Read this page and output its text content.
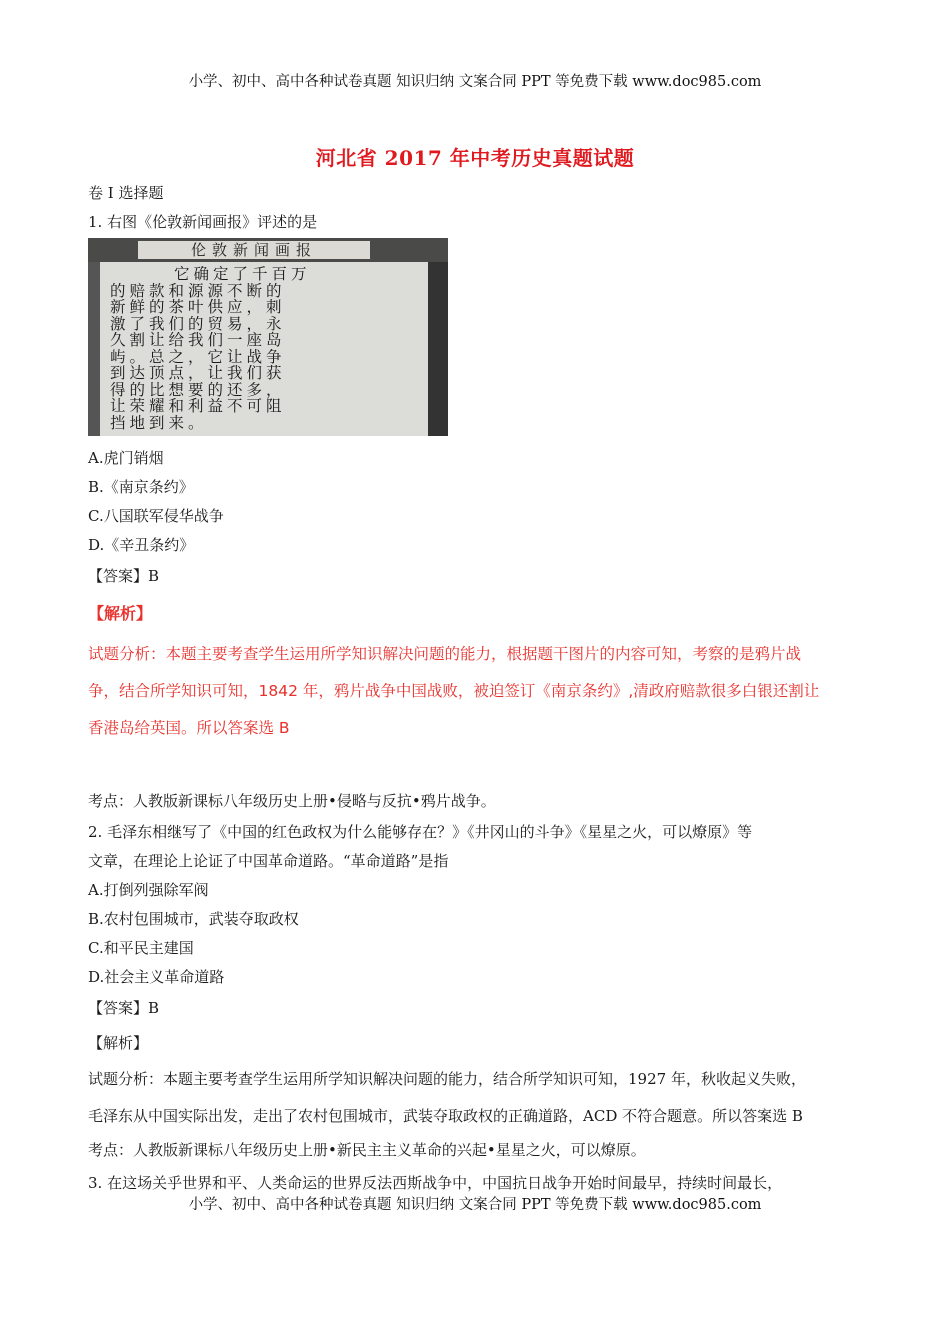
小学、初中、高中各种试卷真题 知识归纳 文案合同 PPT 等免费下载 www.doc985.com
河北省 2017 年中考历史真题试题
卷 I 选择题
1. 右图《伦敦新闻画报》评述的是
伦敦新闻画报
它确定了千百万
的赔款和源源不断的
新鲜的茶叶供应，刺
激了我们的贸易，永
久割让给我们一座岛
屿。总之，它让战争
到达顶点，让我们获
得的比想要的还多，
让荣耀和利益不可阻
挡地到来。
A.虎门销烟
B.《南京条约》
C.八国联军侵华战争
D.《辛丑条约》
【答案】B
【解析】
试题分析：本题主要考查学生运用所学知识解决问题的能力，根据题干图片的内容可知，考察的是鸦片战
争，结合所学知识可知，1842 年，鸦片战争中国战败，被迫签订《南京条约》,清政府赔款很多白银还割让
香港岛给英国。所以答案选 B
考点：人教版新课标八年级历史上册•侵略与反抗•鸦片战争。
2. 毛泽东相继写了《中国的红色政权为什么能够存在？》《井冈山的斗争》《星星之火，可以燎原》等
文章，在理论上论证了中国革命道路。“革命道路”是指
A.打倒列强除军阀
B.农村包围城市，武装夺取政权
C.和平民主建国
D.社会主义革命道路
【答案】B
【解析】
试题分析：本题主要考查学生运用所学知识解决问题的能力，结合所学知识可知，1927 年，秋收起义失败，
毛泽东从中国实际出发，走出了农村包围城市，武装夺取政权的正确道路，ACD 不符合题意。所以答案选 B
考点：人教版新课标八年级历史上册•新民主主义革命的兴起•星星之火，可以燎原。
3. 在这场关乎世界和平、人类命运的世界反法西斯战争中，中国抗日战争开始时间最早，持续时间最长，
小学、初中、高中各种试卷真题 知识归纳 文案合同 PPT 等免费下载 www.doc985.com
